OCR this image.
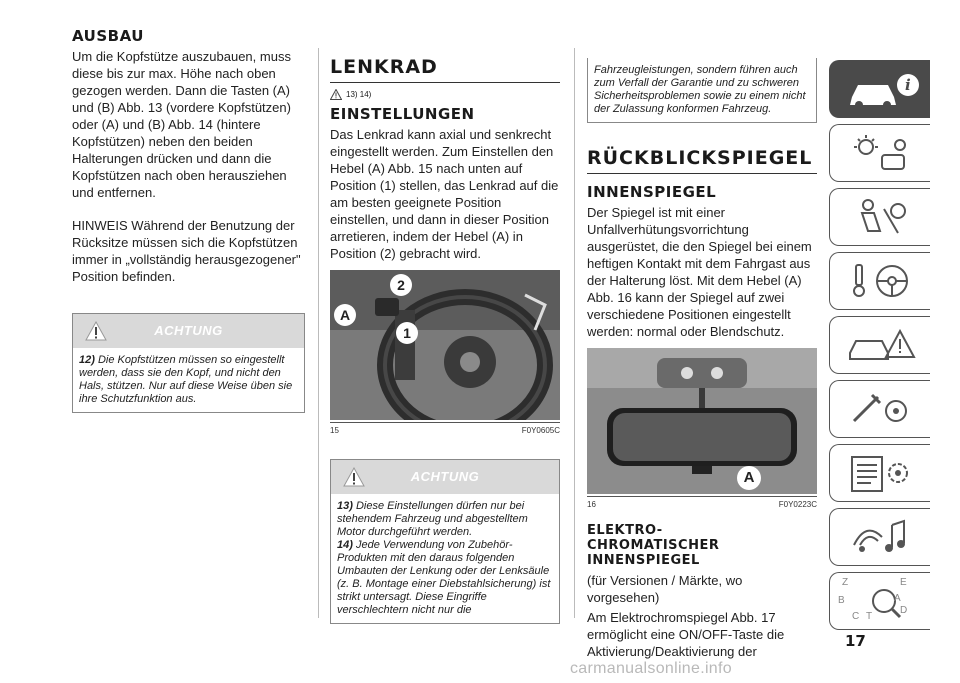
AUSBAU

Um die Kopfstütze auszubauen, muss diese bis zur max. Höhe nach oben gezogen werden. Dann die Tasten (A) und (B) Abb. 13 (vordere Kopfstützen) oder (A) und (B) Abb. 14 (hintere Kopfstützen) neben den beiden Halterungen drücken und dann die Kopfstützen nach oben herausziehen und entfernen.

HINWEIS Während der Benutzung der Rücksitze müssen sich die Kopfstützen immer in „vollständig herausgezogener" Position befinden.

ACHTUNG

12) Die Kopfstützen müssen so eingestellt werden, dass sie den Kopf, und nicht den Hals, stützen. Nur auf diese Weise üben sie ihre Schutzfunktion aus.

LENKRAD
13) 14)
EINSTELLUNGEN

Das Lenkrad kann axial und senkrecht eingestellt werden. Zum Einstellen den Hebel (A) Abb. 15 nach unten auf Position (1) stellen, das Lenkrad auf die am besten geeignete Position einstellen, und dann in dieser Position arretieren, indem der Hebel (A) in Position (2) gebracht wird.

A
1
2
15	F0Y0605C
ACHTUNG

13) Diese Einstellungen dürfen nur bei stehendem Fahrzeug und abgestelltem Motor durchgeführt werden.

14) Jede Verwendung von Zubehör-Produkten mit den daraus folgenden Umbauten der Lenkung oder der Lenksäule (z. B. Montage einer Diebstahlsicherung) ist strikt untersagt. Diese Eingriffe verschlechtern nicht nur die

Fahrzeugleistungen, sondern führen auch zum Verfall der Garantie und zu schweren Sicherheitsproblemen sowie zu einem nicht der Zulassung konformen Fahrzeug.
RÜCKBLICKSPIEGEL
INNENSPIEGEL

Der Spiegel ist mit einer Unfallverhütungsvorrichtung ausgerüstet, die den Spiegel bei einem heftigen Kontakt mit dem Fahrgast aus der Halterung löst. Mit dem Hebel (A) Abb. 16 kann der Spiegel auf zwei verschiedene Positionen eingestellt werden: normal oder Blendschutz.

A
16	F0Y0223C
ELEKTRO-
CHROMATISCHER
INNENSPIEGEL

(für Versionen / Märkte, wo vorgesehen)

Am Elektrochromspiegel Abb. 17 ermöglicht eine ON/OFF-Taste die Aktivierung/Deaktivierung der

i
Z	E
B	A
C T
D
17
carmanualsonline.info
